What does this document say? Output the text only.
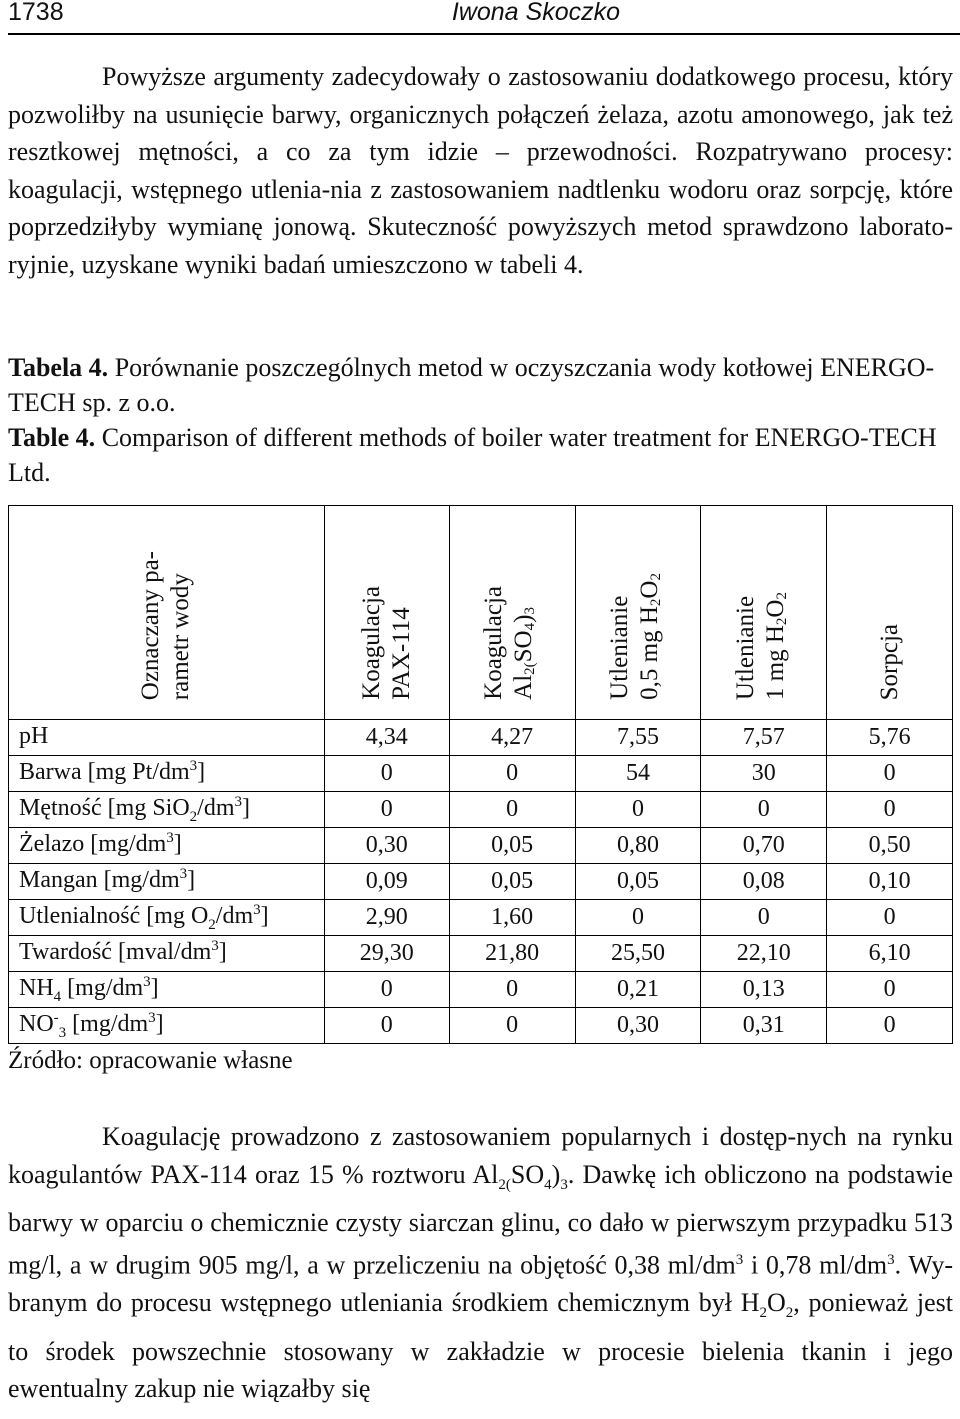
1738	Iwona Skoczko
Powyższe argumenty zadecydowały o zastosowaniu dodatkowego procesu, który pozwoliłby na usunięcie barwy, organicznych połączeń żelaza, azotu amonowego, jak też resztkowej mętności, a co za tym idzie – przewodności. Rozpatrywano procesy: koagulacji, wstępnego utlenia-nia z zastosowaniem nadtlenku wodoru oraz sorpcję, które poprzedziłyby wymianę jonową. Skuteczność powyższych metod sprawdzono laborato-ryjnie, uzyskane wyniki badań umieszczono w tabeli 4.
Tabela 4. Porównanie poszczególnych metod w oczyszczania wody kotłowej ENERGO-TECH sp. z o.o.
Table 4. Comparison of different methods of boiler water treatment for ENERGO-TECH Ltd.
Oznaczany pa- rametr wody	Koagulacja PAX-114	Koagulacja $Al_{2(}SO_4)_3$	Utlenianie 0,5 mg $H_2O_2$	Utlenianie 1 mg $H_2O_2$	Sorpcja
pH	4,34	4,27	7,55	7,57	5,76
Barwa [mg $Pt/dm^3$]	0	0	54	30	0
Mętność [mg $SiO_2/dm^3$]	0	0	0	0	0
Żelazo $[mg/dm^3]$	0,30	0,05	0,80	0,70	0,50
Mangan $[mg/dm^3]$	0,09	0,05	0,05	0,08	0,10
Utlenialność [mg $O_2/dm^3$]	2,90	1,60	0	0	0
Twardość $[mval/dm^3]$	29,30	21,80	25,50	22,10	6,10
$NH_4$ $[mg/dm^3]$	0	0	0,21	0,13	0
$NO^-_3$ $[mg/dm^3]$	0	0	0,30	0,31	0
Źródło: opracowanie własne
Koagulację prowadzono z zastosowaniem popularnych i dostęp-nych na rynku koagulantów PAX-114 oraz 15 % roztworu $Al_{2(}SO_4)_3$. Dawkę ich obliczono na podstawie barwy w oparciu o chemicznie czysty siarczan glinu, co dało w pierwszym przypadku 513 mg/l, a w drugim 905 mg/l, a w przeliczeniu na objętość 0,38 $ml/dm^3$ i 0,78 $ml/dm^3$. Wy-branym do procesu wstępnego utleniania środkiem chemicznym był $H_2O_2$, ponieważ jest to środek powszechnie stosowany w zakładzie w procesie bielenia tkanin i jego ewentualny zakup nie wiązałby się
